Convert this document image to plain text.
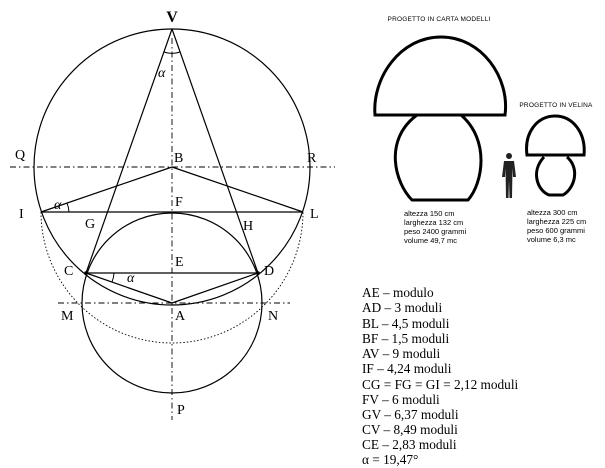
V
Q	B	R
I
G
F
H
L
C
E
D
M	A	N
P
α
α
α
PROGETTO IN CARTA MODELLI
PROGETTO IN VELINA
altezza 150 cm
larghezza 132 cm
peso 2400 grammi
volume 49,7 mc
altezza 300 cm
larghezza 225 cm
peso 600 grammi
volume 6,3 mc
AE – modulo
AD – 3 moduli
BL – 4,5 moduli
BF – 1,5 moduli
AV – 9 moduli
IF – 4,24 moduli
CG = FG = GI = 2,12 moduli
FV – 6 moduli
GV – 6,37 moduli
CV – 8,49 moduli
CE – 2,83 moduli
α = 19,47°
